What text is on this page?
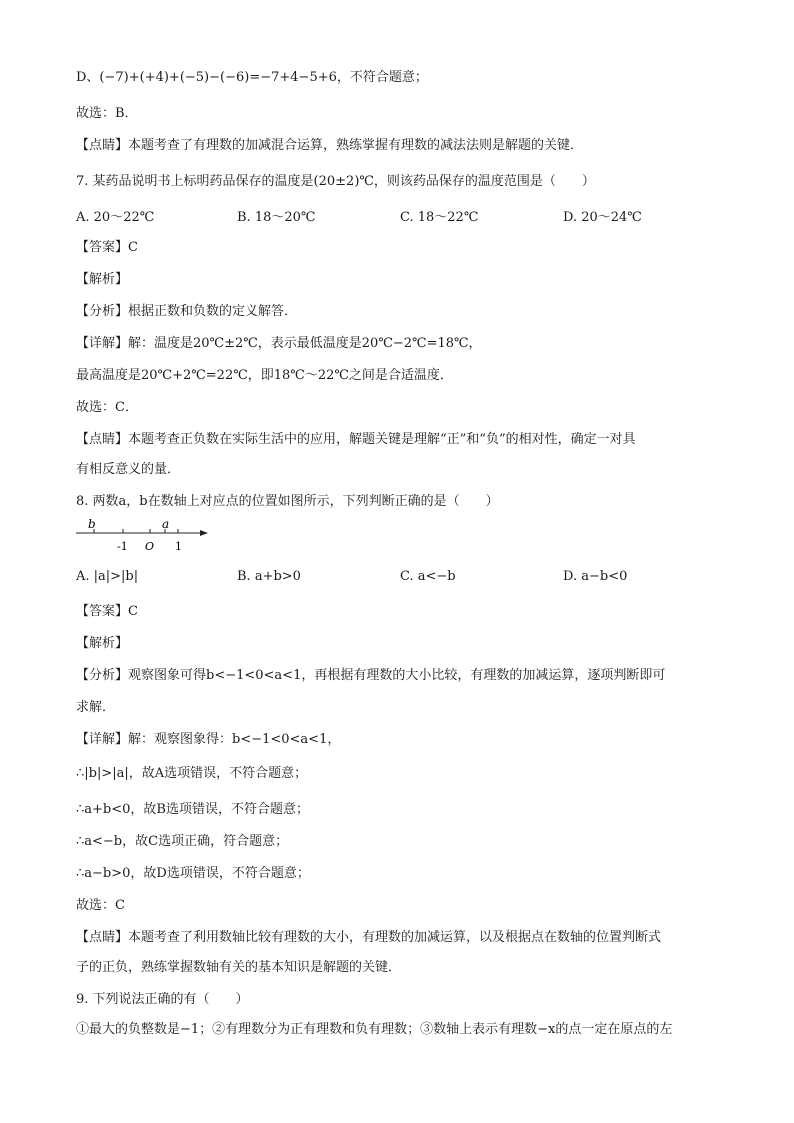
D、(−7)+(+4)+(−5)−(−6)=−7+4−5+6，不符合题意；
故选：B．
【点睛】本题考查了有理数的加减混合运算，熟练掌握有理数的减法法则是解题的关键．
7. 某药品说明书上标明药品保存的温度是(20±2)℃，则该药品保存的温度范围是（　　）
A. 20～22℃	B. 18～20℃	C. 18～22℃	D. 20～24℃
【答案】C
【解析】
【分析】根据正数和负数的定义解答．
【详解】解：温度是20℃±2℃，表示最低温度是20℃−2℃=18℃，
最高温度是20℃+2℃=22℃，即18℃～22℃之间是合适温度．
故选：C．
【点睛】本题考查正负数在实际生活中的应用，解题关键是理解“正”和“负”的相对性，确定一对具
有相反意义的量．
8. 两数a，b在数轴上对应点的位置如图所示，下列判断正确的是（　　）
b	a
-1 O 1
A. |a|>|b|	B. a+b>0	C. a<−b	D. a−b<0
【答案】C
【解析】
【分析】观察图象可得b<−1<0<a<1，再根据有理数的大小比较，有理数的加减运算，逐项判断即可
求解．
【详解】解：观察图象得：b<−1<0<a<1，
∴|b|>|a|，故A选项错误，不符合题意；
∴a+b<0，故B选项错误，不符合题意；
∴a<−b，故C选项正确，符合题意；
∴a−b>0，故D选项错误，不符合题意；
故选：C
【点睛】本题考查了利用数轴比较有理数的大小，有理数的加减运算，以及根据点在数轴的位置判断式
子的正负，熟练掌握数轴有关的基本知识是解题的关键．
9. 下列说法正确的有（　　）
①最大的负整数是−1；②有理数分为正有理数和负有理数；③数轴上表示有理数−x的点一定在原点的左
